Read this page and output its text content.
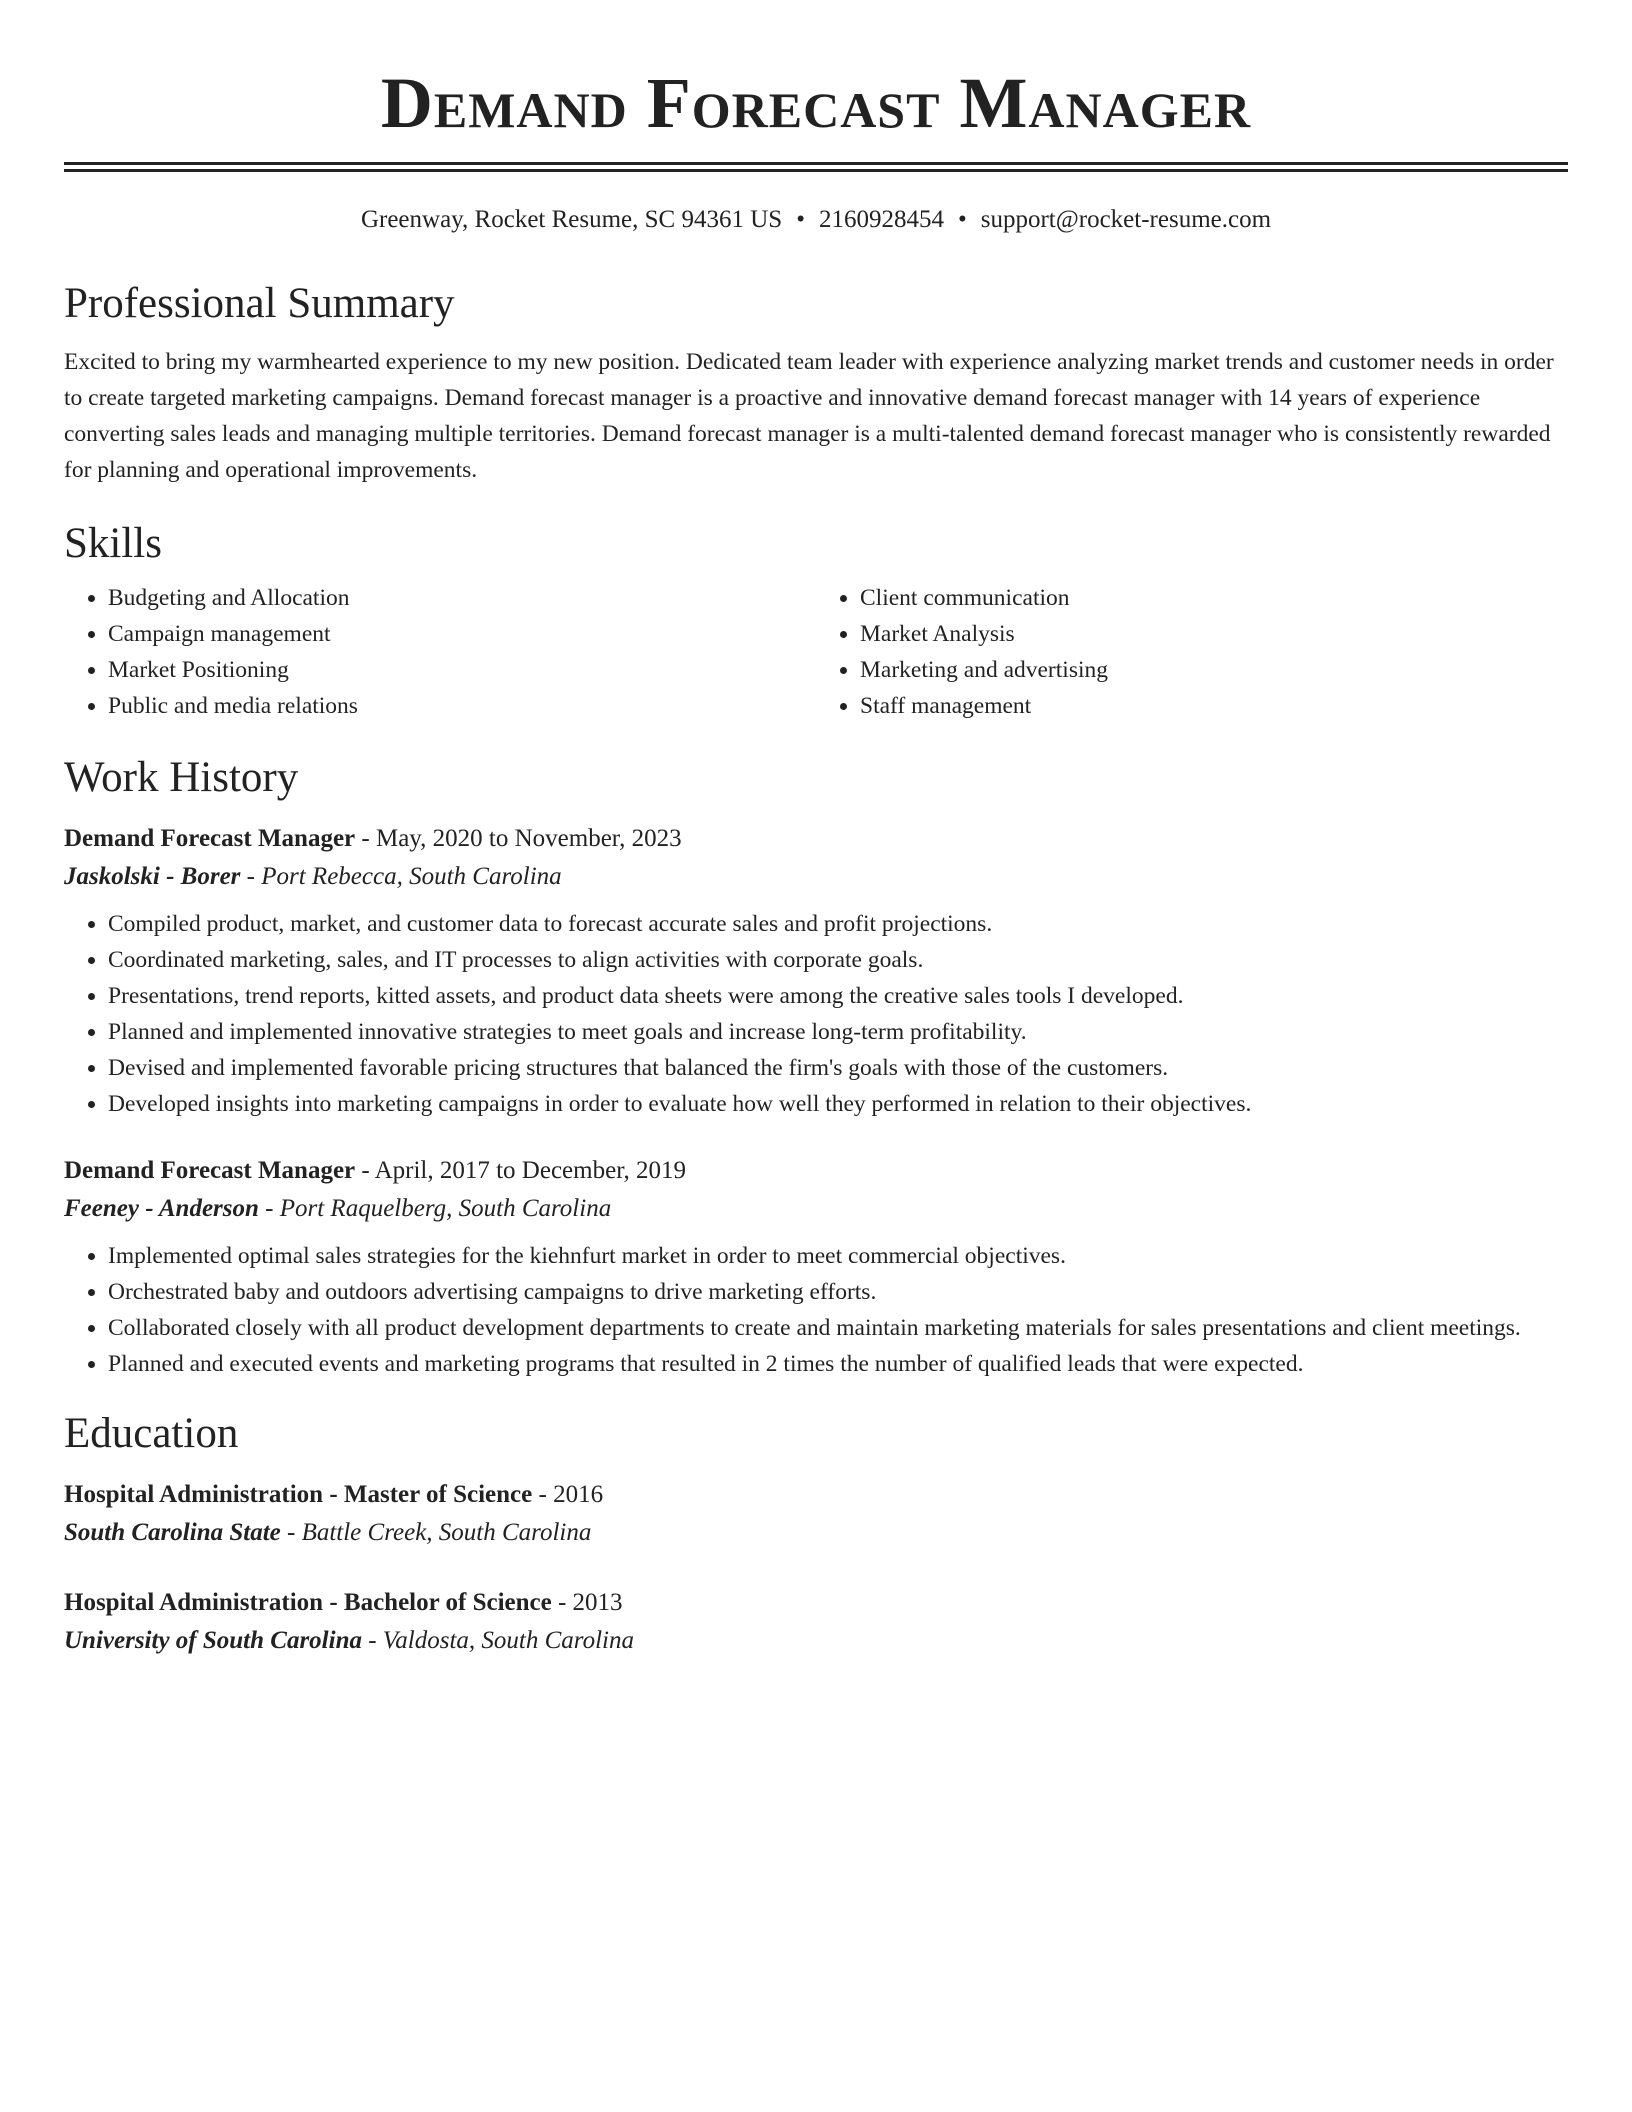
Demand Forecast Manager
Greenway, Rocket Resume, SC 94361 US • 2160928454 • support@rocket-resume.com
Professional Summary

Excited to bring my warmhearted experience to my new position. Dedicated team leader with experience analyzing market trends and customer needs in order to create targeted marketing campaigns. Demand forecast manager is a proactive and innovative demand forecast manager with 14 years of experience converting sales leads and managing multiple territories. Demand forecast manager is a multi-talented demand forecast manager who is consistently rewarded for planning and operational improvements.

Skills
• Budgeting and Allocation
• Campaign management
• Market Positioning
• Public and media relations
• Client communication
• Market Analysis
• Marketing and advertising
• Staff management
Work History
Demand Forecast Manager - May, 2020 to November, 2023
Jaskolski - Borer - Port Rebecca, South Carolina
• Compiled product, market, and customer data to forecast accurate sales and profit projections.
• Coordinated marketing, sales, and IT processes to align activities with corporate goals.
• Presentations, trend reports, kitted assets, and product data sheets were among the creative sales tools I developed.
• Planned and implemented innovative strategies to meet goals and increase long-term profitability.
• Devised and implemented favorable pricing structures that balanced the firm's goals with those of the customers.
• Developed insights into marketing campaigns in order to evaluate how well they performed in relation to their objectives.
Demand Forecast Manager - April, 2017 to December, 2019
Feeney - Anderson - Port Raquelberg, South Carolina
• Implemented optimal sales strategies for the kiehnfurt market in order to meet commercial objectives.
• Orchestrated baby and outdoors advertising campaigns to drive marketing efforts.
• Collaborated closely with all product development departments to create and maintain marketing materials for sales presentations and client meetings.
• Planned and executed events and marketing programs that resulted in 2 times the number of qualified leads that were expected.
Education
Hospital Administration - Master of Science - 2016
South Carolina State - Battle Creek, South Carolina
Hospital Administration - Bachelor of Science - 2013
University of South Carolina - Valdosta, South Carolina
